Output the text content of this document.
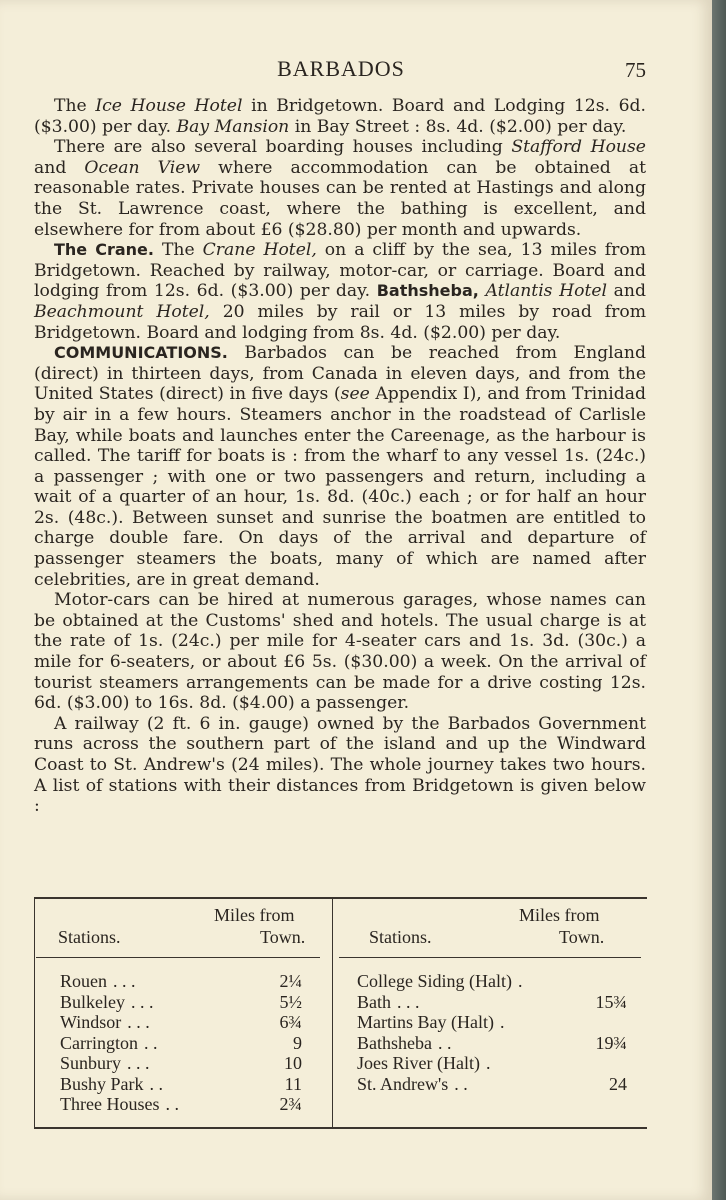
BARBADOS	75

The Ice House Hotel in Bridgetown. Board and Lodging 12s. 6d. ($3.00) per day. Bay Mansion in Bay Street : 8s. 4d. ($2.00) per day.

There are also several boarding houses including Stafford House and Ocean View where accommodation can be obtained at reasonable rates. Private houses can be rented at Hastings and along the St. Lawrence coast, where the bathing is excellent, and elsewhere for from about £6 ($28.80) per month and upwards.

The Crane. The Crane Hotel, on a cliff by the sea, 13 miles from Bridgetown. Reached by railway, motor-car, or carriage. Board and lodging from 12s. 6d. ($3.00) per day. Bathsheba, Atlantis Hotel and Beachmount Hotel, 20 miles by rail or 13 miles by road from Bridgetown. Board and lodging from 8s. 4d. ($2.00) per day.

COMMUNICATIONS. Barbados can be reached from England (direct) in thirteen days, from Canada in eleven days, and from the United States (direct) in five days (see Appendix I), and from Trinidad by air in a few hours. Steamers anchor in the roadstead of Carlisle Bay, while boats and launches enter the Careenage, as the harbour is called. The tariff for boats is : from the wharf to any vessel 1s. (24c.) a passenger ; with one or two passengers and return, including a wait of a quarter of an hour, 1s. 8d. (40c.) each ; or for half an hour 2s. (48c.). Between sunset and sunrise the boatmen are entitled to charge double fare. On days of the arrival and departure of passenger steamers the boats, many of which are named after celebrities, are in great demand.

Motor-cars can be hired at numerous garages, whose names can be obtained at the Customs' shed and hotels. The usual charge is at the rate of 1s. (24c.) per mile for 4-seater cars and 1s. 3d. (30c.) a mile for 6-seaters, or about £6 5s. ($30.00) a week. On the arrival of tourist steamers arrangements can be made for a drive costing 12s. 6d. ($3.00) to 16s. 8d. ($4.00) a passenger.

A railway (2 ft. 6 in. gauge) owned by the Barbados Government runs across the southern part of the island and up the Windward Coast to St. Andrew's (24 miles). The whole journey takes two hours. A list of stations with their distances from Bridgetown is given below :

Miles from
Stations.	Town.
Rouen . . .	2¼
Bulkeley . . .	5½
Windsor . . .	6¾
Carrington . .	9
Sunbury . . .	10
Bushy Park . .	11
Three Houses . .	2¾
Miles from
Stations.	Town.
College Siding (Halt) .
Bath . . .	15¾
Martins Bay (Halt) .
Bathsheba . .	19¾
Joes River (Halt) .
St. Andrew's . .	24
